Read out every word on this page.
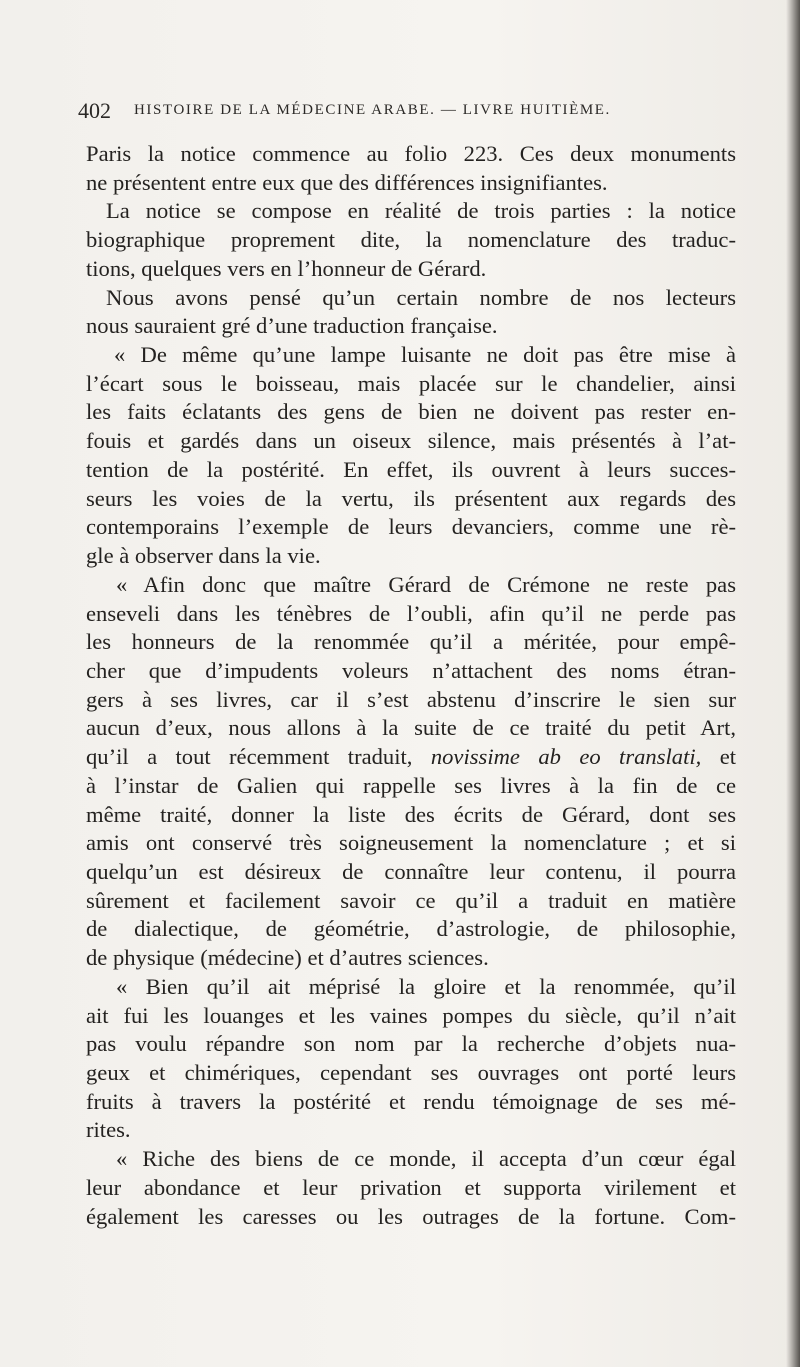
402 HISTOIRE DE LA MÉDECINE ARABE. — LIVRE HUITIÈME.
Paris la notice commence au folio 223. Ces deux monuments
ne présentent entre eux que des différences insignifiantes.
La notice se compose en réalité de trois parties : la notice
biographique proprement dite, la nomenclature des traduc-
tions, quelques vers en l’honneur de Gérard.
Nous avons pensé qu’un certain nombre de nos lecteurs
nous sauraient gré d’une traduction française.
« De même qu’une lampe luisante ne doit pas être mise à
l’écart sous le boisseau, mais placée sur le chandelier, ainsi
les faits éclatants des gens de bien ne doivent pas rester en-
fouis et gardés dans un oiseux silence, mais présentés à l’at-
tention de la postérité. En effet, ils ouvrent à leurs succes-
seurs les voies de la vertu, ils présentent aux regards des
contemporains l’exemple de leurs devanciers, comme une rè-
gle à observer dans la vie.
« Afin donc que maître Gérard de Crémone ne reste pas
enseveli dans les ténèbres de l’oubli, afin qu’il ne perde pas
les honneurs de la renommée qu’il a méritée, pour empê-
cher que d’impudents voleurs n’attachent des noms étran-
gers à ses livres, car il s’est abstenu d’inscrire le sien sur
aucun d’eux, nous allons à la suite de ce traité du petit Art,
qu’il a tout récemment traduit, novissime ab eo translati, et
à l’instar de Galien qui rappelle ses livres à la fin de ce
même traité, donner la liste des écrits de Gérard, dont ses
amis ont conservé très soigneusement la nomenclature ; et si
quelqu’un est désireux de connaître leur contenu, il pourra
sûrement et facilement savoir ce qu’il a traduit en matière
de dialectique, de géométrie, d’astrologie, de philosophie,
de physique (médecine) et d’autres sciences.
« Bien qu’il ait méprisé la gloire et la renommée, qu’il
ait fui les louanges et les vaines pompes du siècle, qu’il n’ait
pas voulu répandre son nom par la recherche d’objets nua-
geux et chimériques, cependant ses ouvrages ont porté leurs
fruits à travers la postérité et rendu témoignage de ses mé-
rites.
« Riche des biens de ce monde, il accepta d’un cœur égal
leur abondance et leur privation et supporta virilement et
également les caresses ou les outrages de la fortune. Com-
